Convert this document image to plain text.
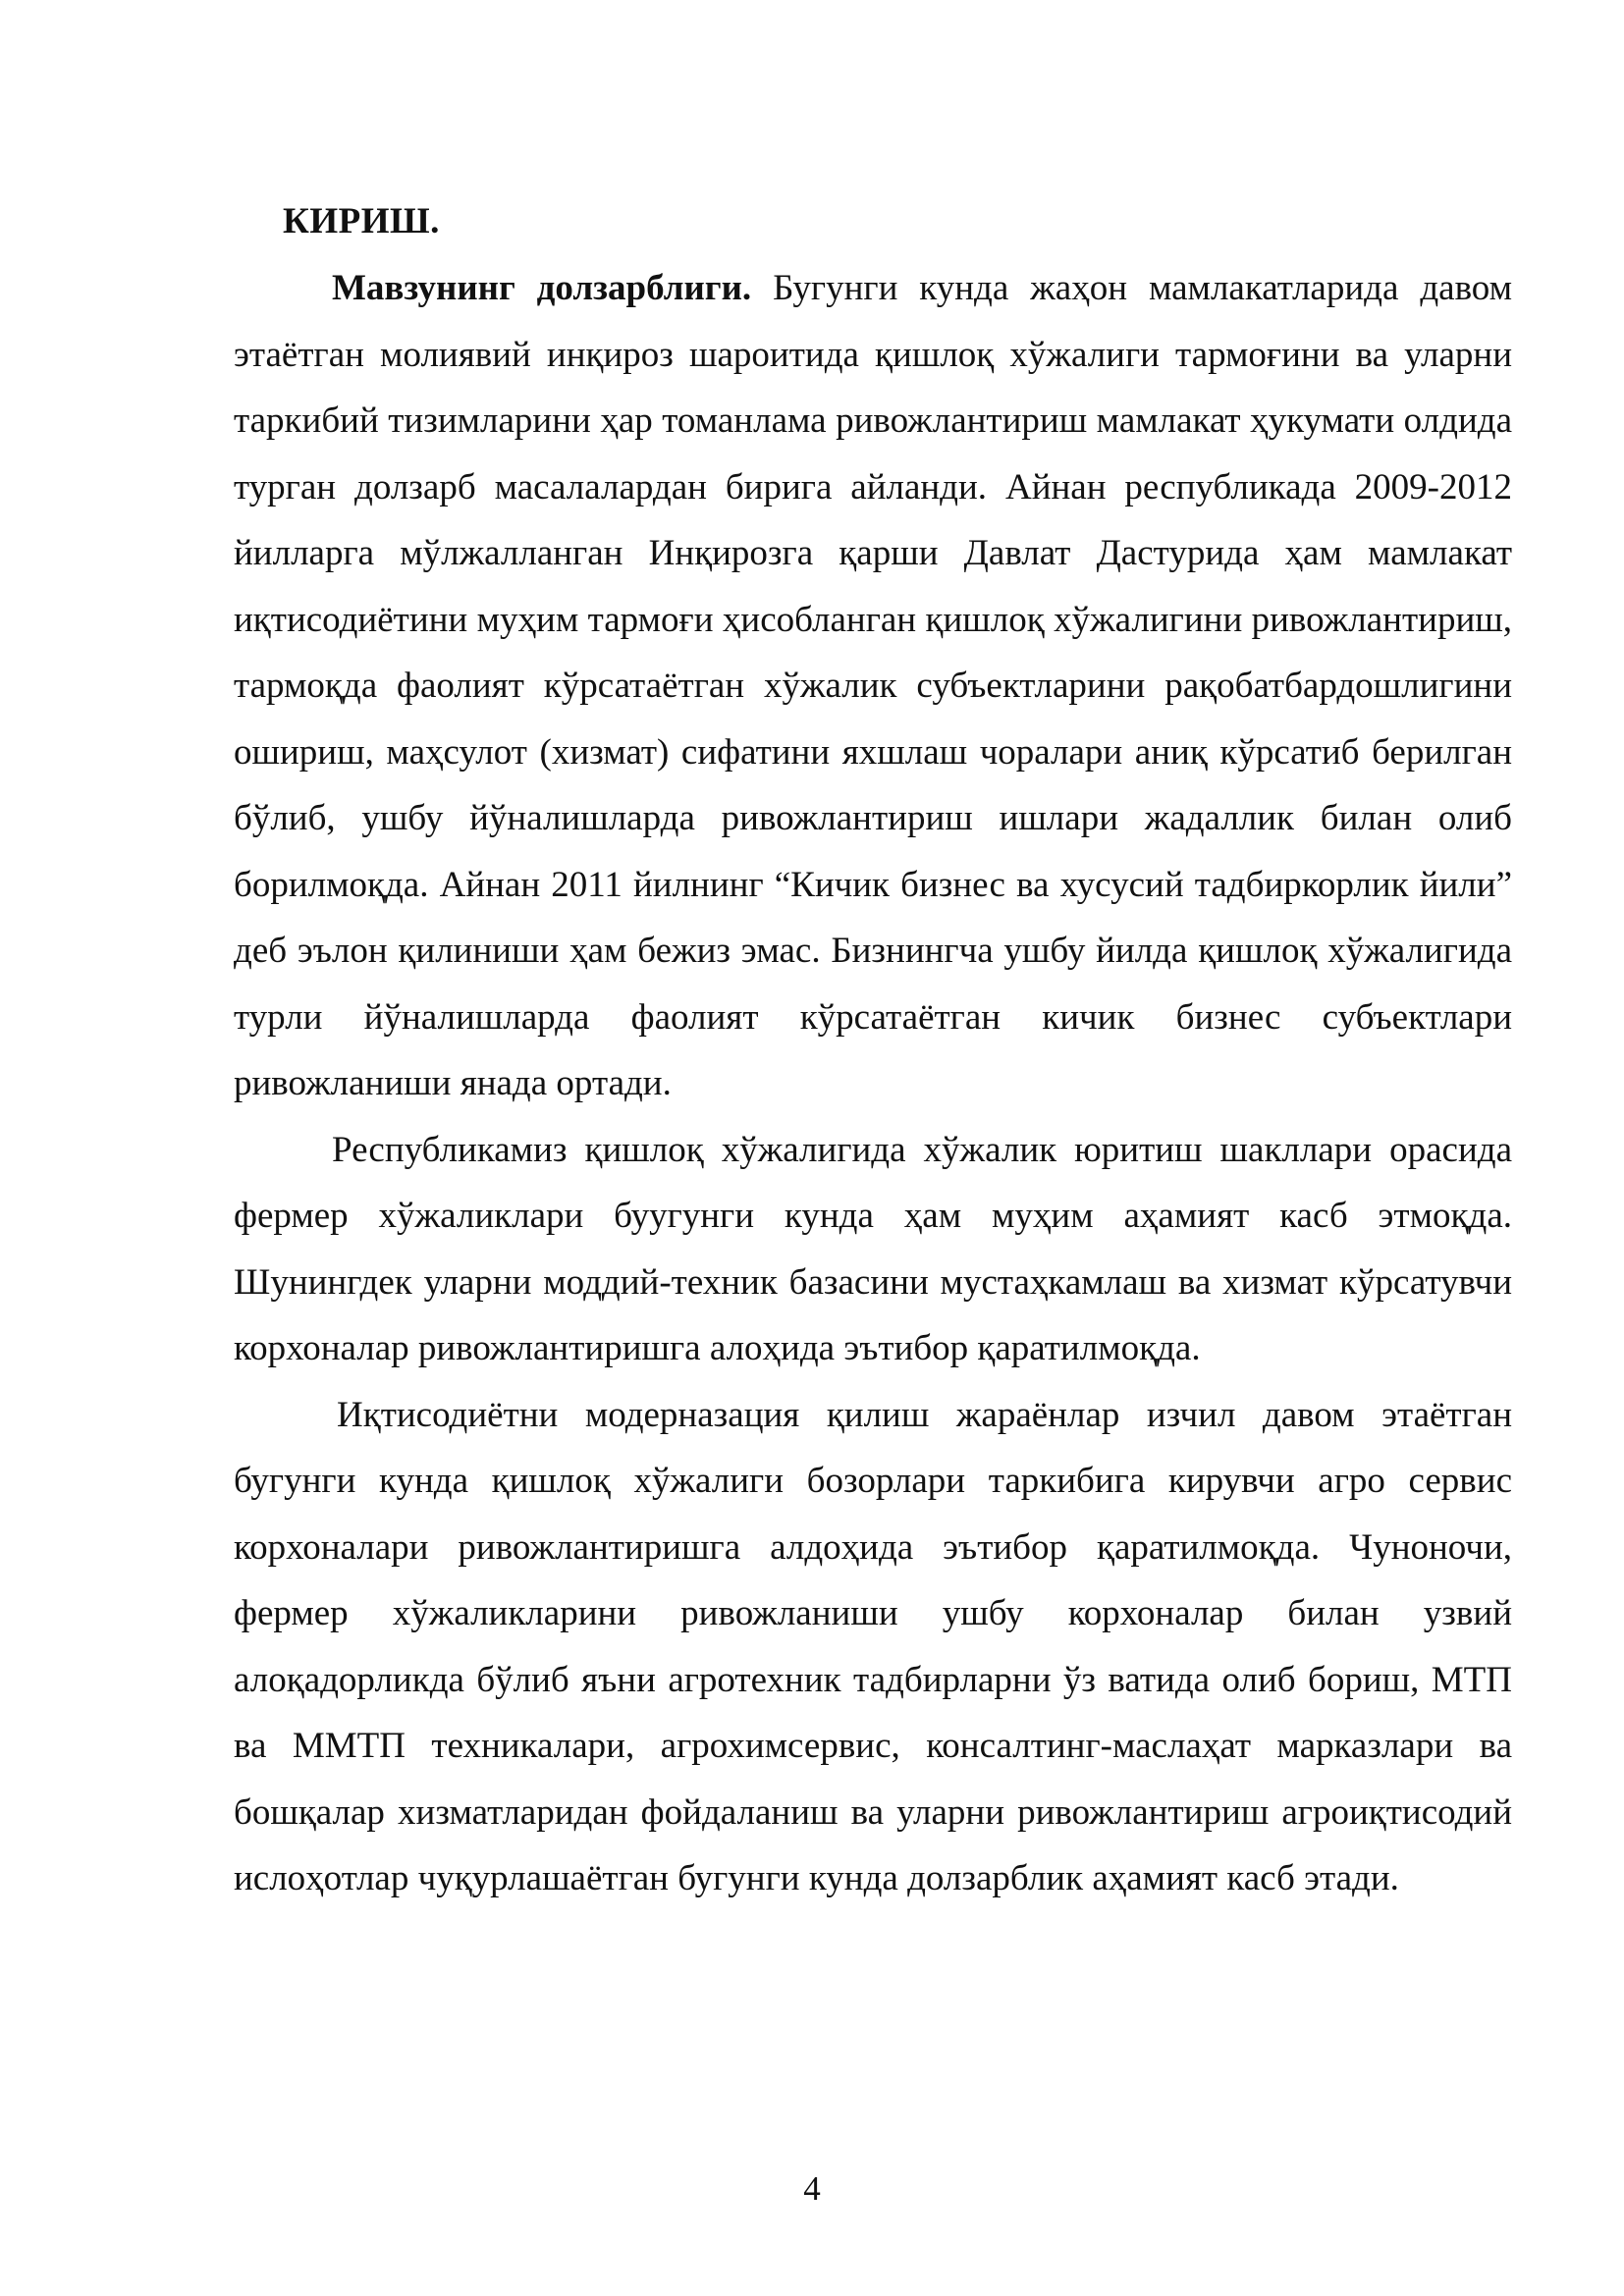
КИРИШ.

Мавзунинг долзарблиги. Бугунги кунда жаҳон мамлакатларида давом этаётган молиявий инқироз шароитида қишлоқ хўжалиги тармоғини ва уларни таркибий тизимларини ҳар томанлама ривожлантириш мамлакат ҳукумати олдида турган долзарб масалалардан бирига айланди. Айнан республикада 2009-2012 йилларга мўлжалланган Инқирозга қарши Давлат Дастурида ҳам мамлакат иқтисодиётини муҳим тармоғи ҳисобланган қишлоқ хўжалигини ривожлантириш, тармоқда фаолият кўрсатаётган хўжалик субъектларини рақобатбардошлигини ошириш, маҳсулот (хизмат) сифатини яхшлаш чоралари аниқ кўрсатиб берилган бўлиб, ушбу йўналишларда ривожлантириш ишлари жадаллик билан олиб борилмоқда. Айнан 2011 йилнинг “Кичик бизнес ва хусусий тадбиркорлик йили” деб эълон қилиниши ҳам бежиз эмас. Бизнингча ушбу йилда қишлоқ хўжалигида турли йўналишларда фаолият кўрсатаётган кичик бизнес субъектлари ривожланиши янада ортади.

Республикамиз қишлоқ хўжалигида хўжалик юритиш шакллари орасида фермер хўжаликлари буугунги кунда ҳам муҳим аҳамият касб этмоқда. Шунингдек уларни моддий-техник базасини мустаҳкамлаш ва хизмат кўрсатувчи корхоналар ривожлантиришга алоҳида эътибор қаратилмоқда.

Иқтисодиётни модерназация қилиш жараёнлар изчил давом этаётган бугунги кунда қишлоқ хўжалиги бозорлари таркибига кирувчи агро сервис корхоналари ривожлантиришга алдоҳида эътибор қаратилмоқда. Чуноночи, фермер хўжаликларини ривожланиши ушбу корхоналар билан узвий алоқадорликда бўлиб яъни агротехник тадбирларни ўз ватида олиб бориш, МТП ва ММТП техникалари, агрохимсервис, консалтинг-маслаҳат марказлари ва бошқалар хизматларидан фойдаланиш ва уларни ривожлантириш агроиқтисодий ислоҳотлар чуқурлашаётган бугунги кунда долзарблик аҳамият касб этади.

4
